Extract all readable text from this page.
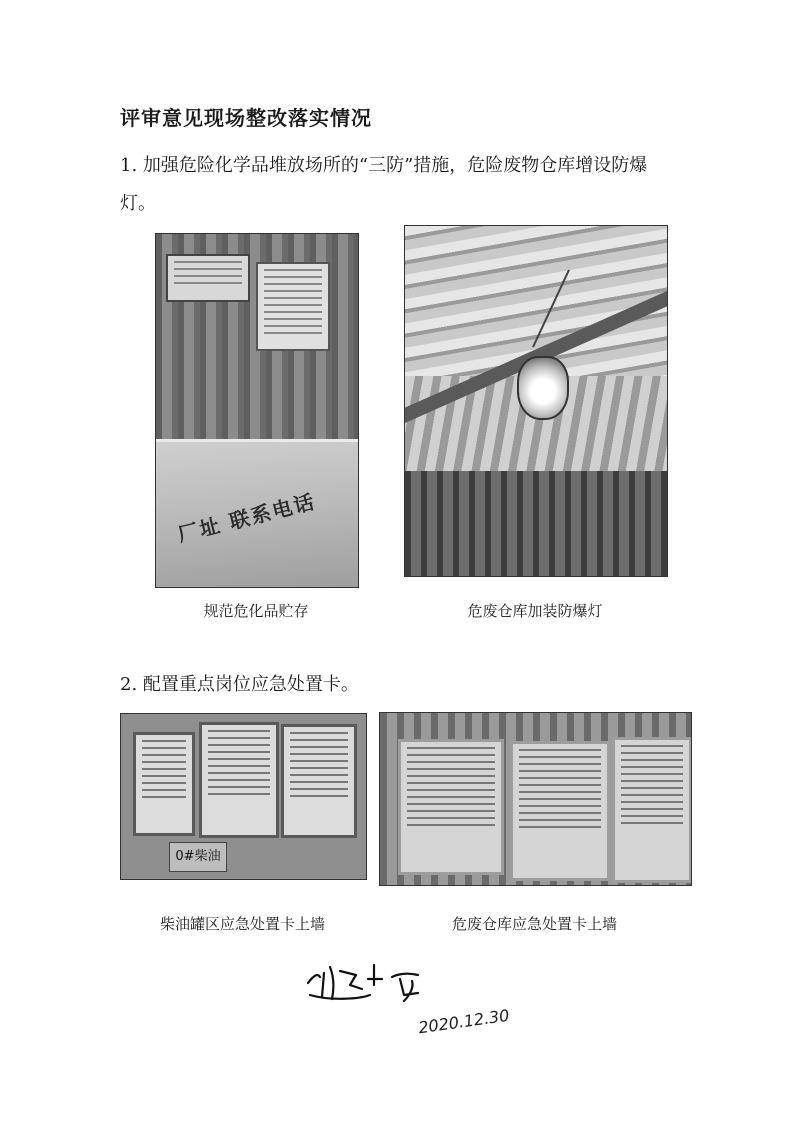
评审意见现场整改落实情况
1. 加强危险化学品堆放场所的“三防”措施，危险废物仓库增设防爆灯。
厂址 联系电话
规范危化品贮存	危废仓库加装防爆灯
2. 配置重点岗位应急处置卡。
0#柴油
柴油罐区应急处置卡上墙	危废仓库应急处置卡上墙
2020.12.30
